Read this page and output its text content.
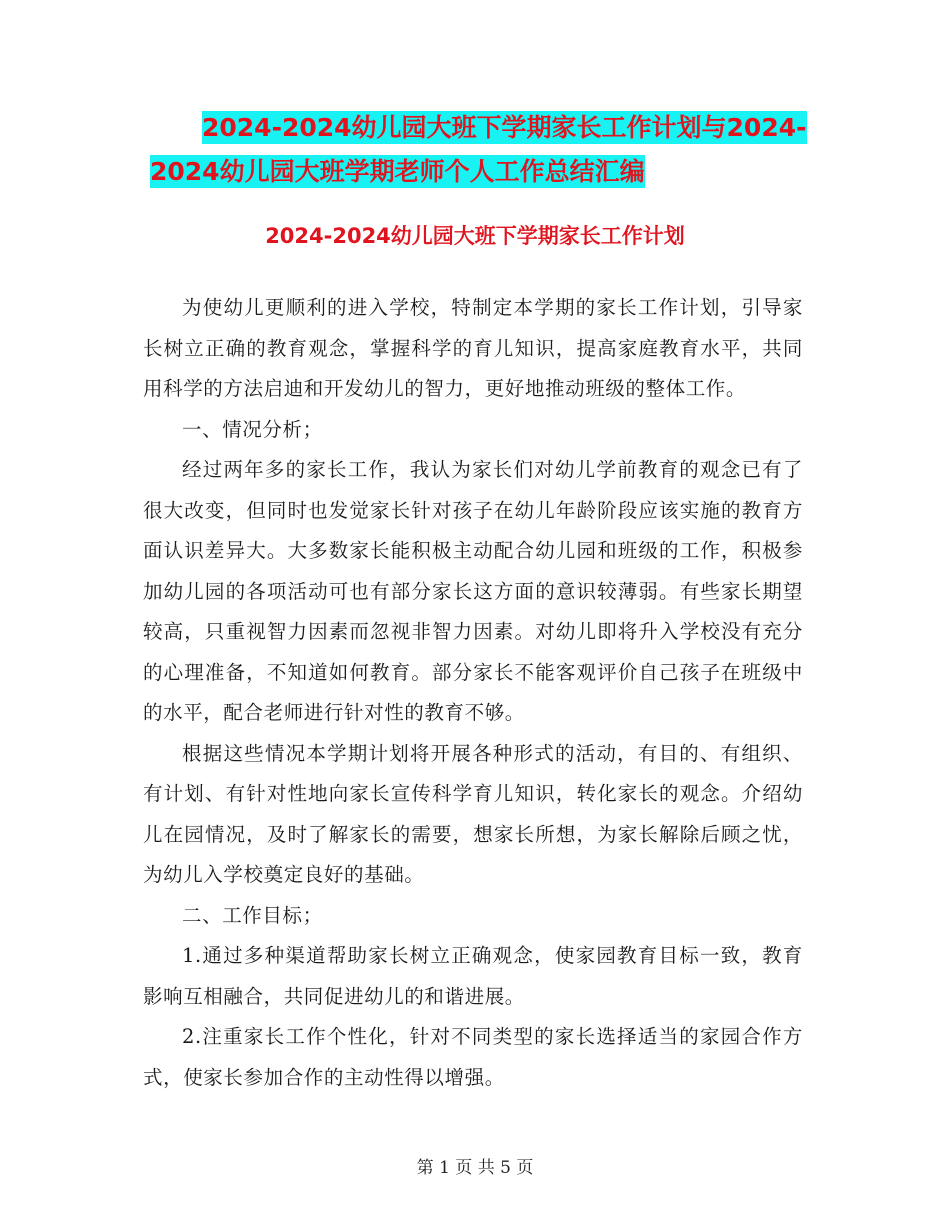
2024-2024幼儿园大班下学期家长工作计划与2024-
2024幼儿园大班学期老师个人工作总结汇编
2024-2024幼儿园大班下学期家长工作计划

为使幼儿更顺利的进入学校，特制定本学期的家长工作计划，引导家长树立正确的教育观念，掌握科学的育儿知识，提高家庭教育水平，共同用科学的方法启迪和开发幼儿的智力，更好地推动班级的整体工作。

一、情况分析；

经过两年多的家长工作，我认为家长们对幼儿学前教育的观念已有了很大改变，但同时也发觉家长针对孩子在幼儿年龄阶段应该实施的教育方面认识差异大。大多数家长能积极主动配合幼儿园和班级的工作，积极参加幼儿园的各项活动可也有部分家长这方面的意识较薄弱。有些家长期望较高，只重视智力因素而忽视非智力因素。对幼儿即将升入学校没有充分的心理准备，不知道如何教育。部分家长不能客观评价自己孩子在班级中的水平，配合老师进行针对性的教育不够。

根据这些情况本学期计划将开展各种形式的活动，有目的、有组织、有计划、有针对性地向家长宣传科学育儿知识，转化家长的观念。介绍幼儿在园情况，及时了解家长的需要，想家长所想，为家长解除后顾之忧，为幼儿入学校奠定良好的基础。

二、工作目标；

1.通过多种渠道帮助家长树立正确观念，使家园教育目标一致，教育影响互相融合，共同促进幼儿的和谐进展。

2.注重家长工作个性化，针对不同类型的家长选择适当的家园合作方式，使家长参加合作的主动性得以增强。

第 1 页 共 5 页
